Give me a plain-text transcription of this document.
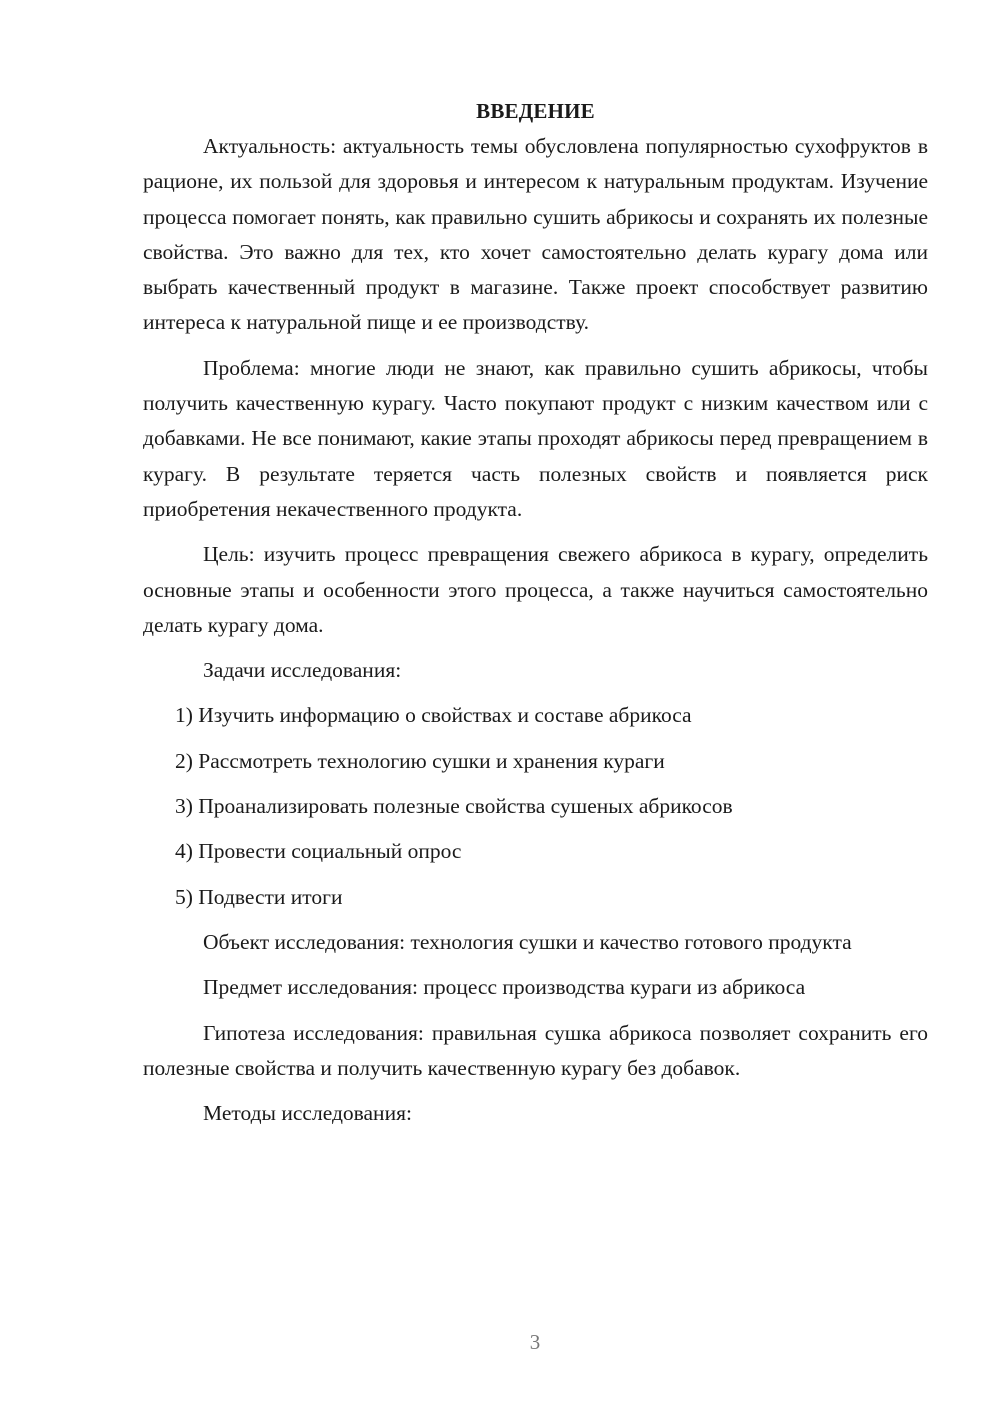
ВВЕДЕНИЕ

Актуальность: актуальность темы обусловлена популярностью сухофруктов в рационе, их пользой для здоровья и интересом к натуральным продуктам. Изучение процесса помогает понять, как правильно сушить абрикосы и сохранять их полезные свойства. Это важно для тех, кто хочет самостоятельно делать курагу дома или выбрать качественный продукт в магазине. Также проект способствует развитию интереса к натуральной пище и ее производству.

Проблема: многие люди не знают, как правильно сушить абрикосы, чтобы получить качественную курагу. Часто покупают продукт с низким качеством или с добавками. Не все понимают, какие этапы проходят абрикосы перед превращением в курагу. В результате теряется часть полезных свойств и появляется риск приобретения некачественного продукта.

Цель: изучить процесс превращения свежего абрикоса в курагу, определить основные этапы и особенности этого процесса, а также научиться самостоятельно делать курагу дома.

Задачи исследования:

1) Изучить информацию о свойствах и составе абрикоса

2) Рассмотреть технологию сушки и хранения кураги

3) Проанализировать полезные свойства сушеных абрикосов

4) Провести социальный опрос

5) Подвести итоги

Объект исследования: технология сушки и качество готового продукта

Предмет исследования: процесс производства кураги из абрикоса

Гипотеза исследования: правильная сушка абрикоса позволяет сохранить его полезные свойства и получить качественную курагу без добавок.

Методы исследования:

3
